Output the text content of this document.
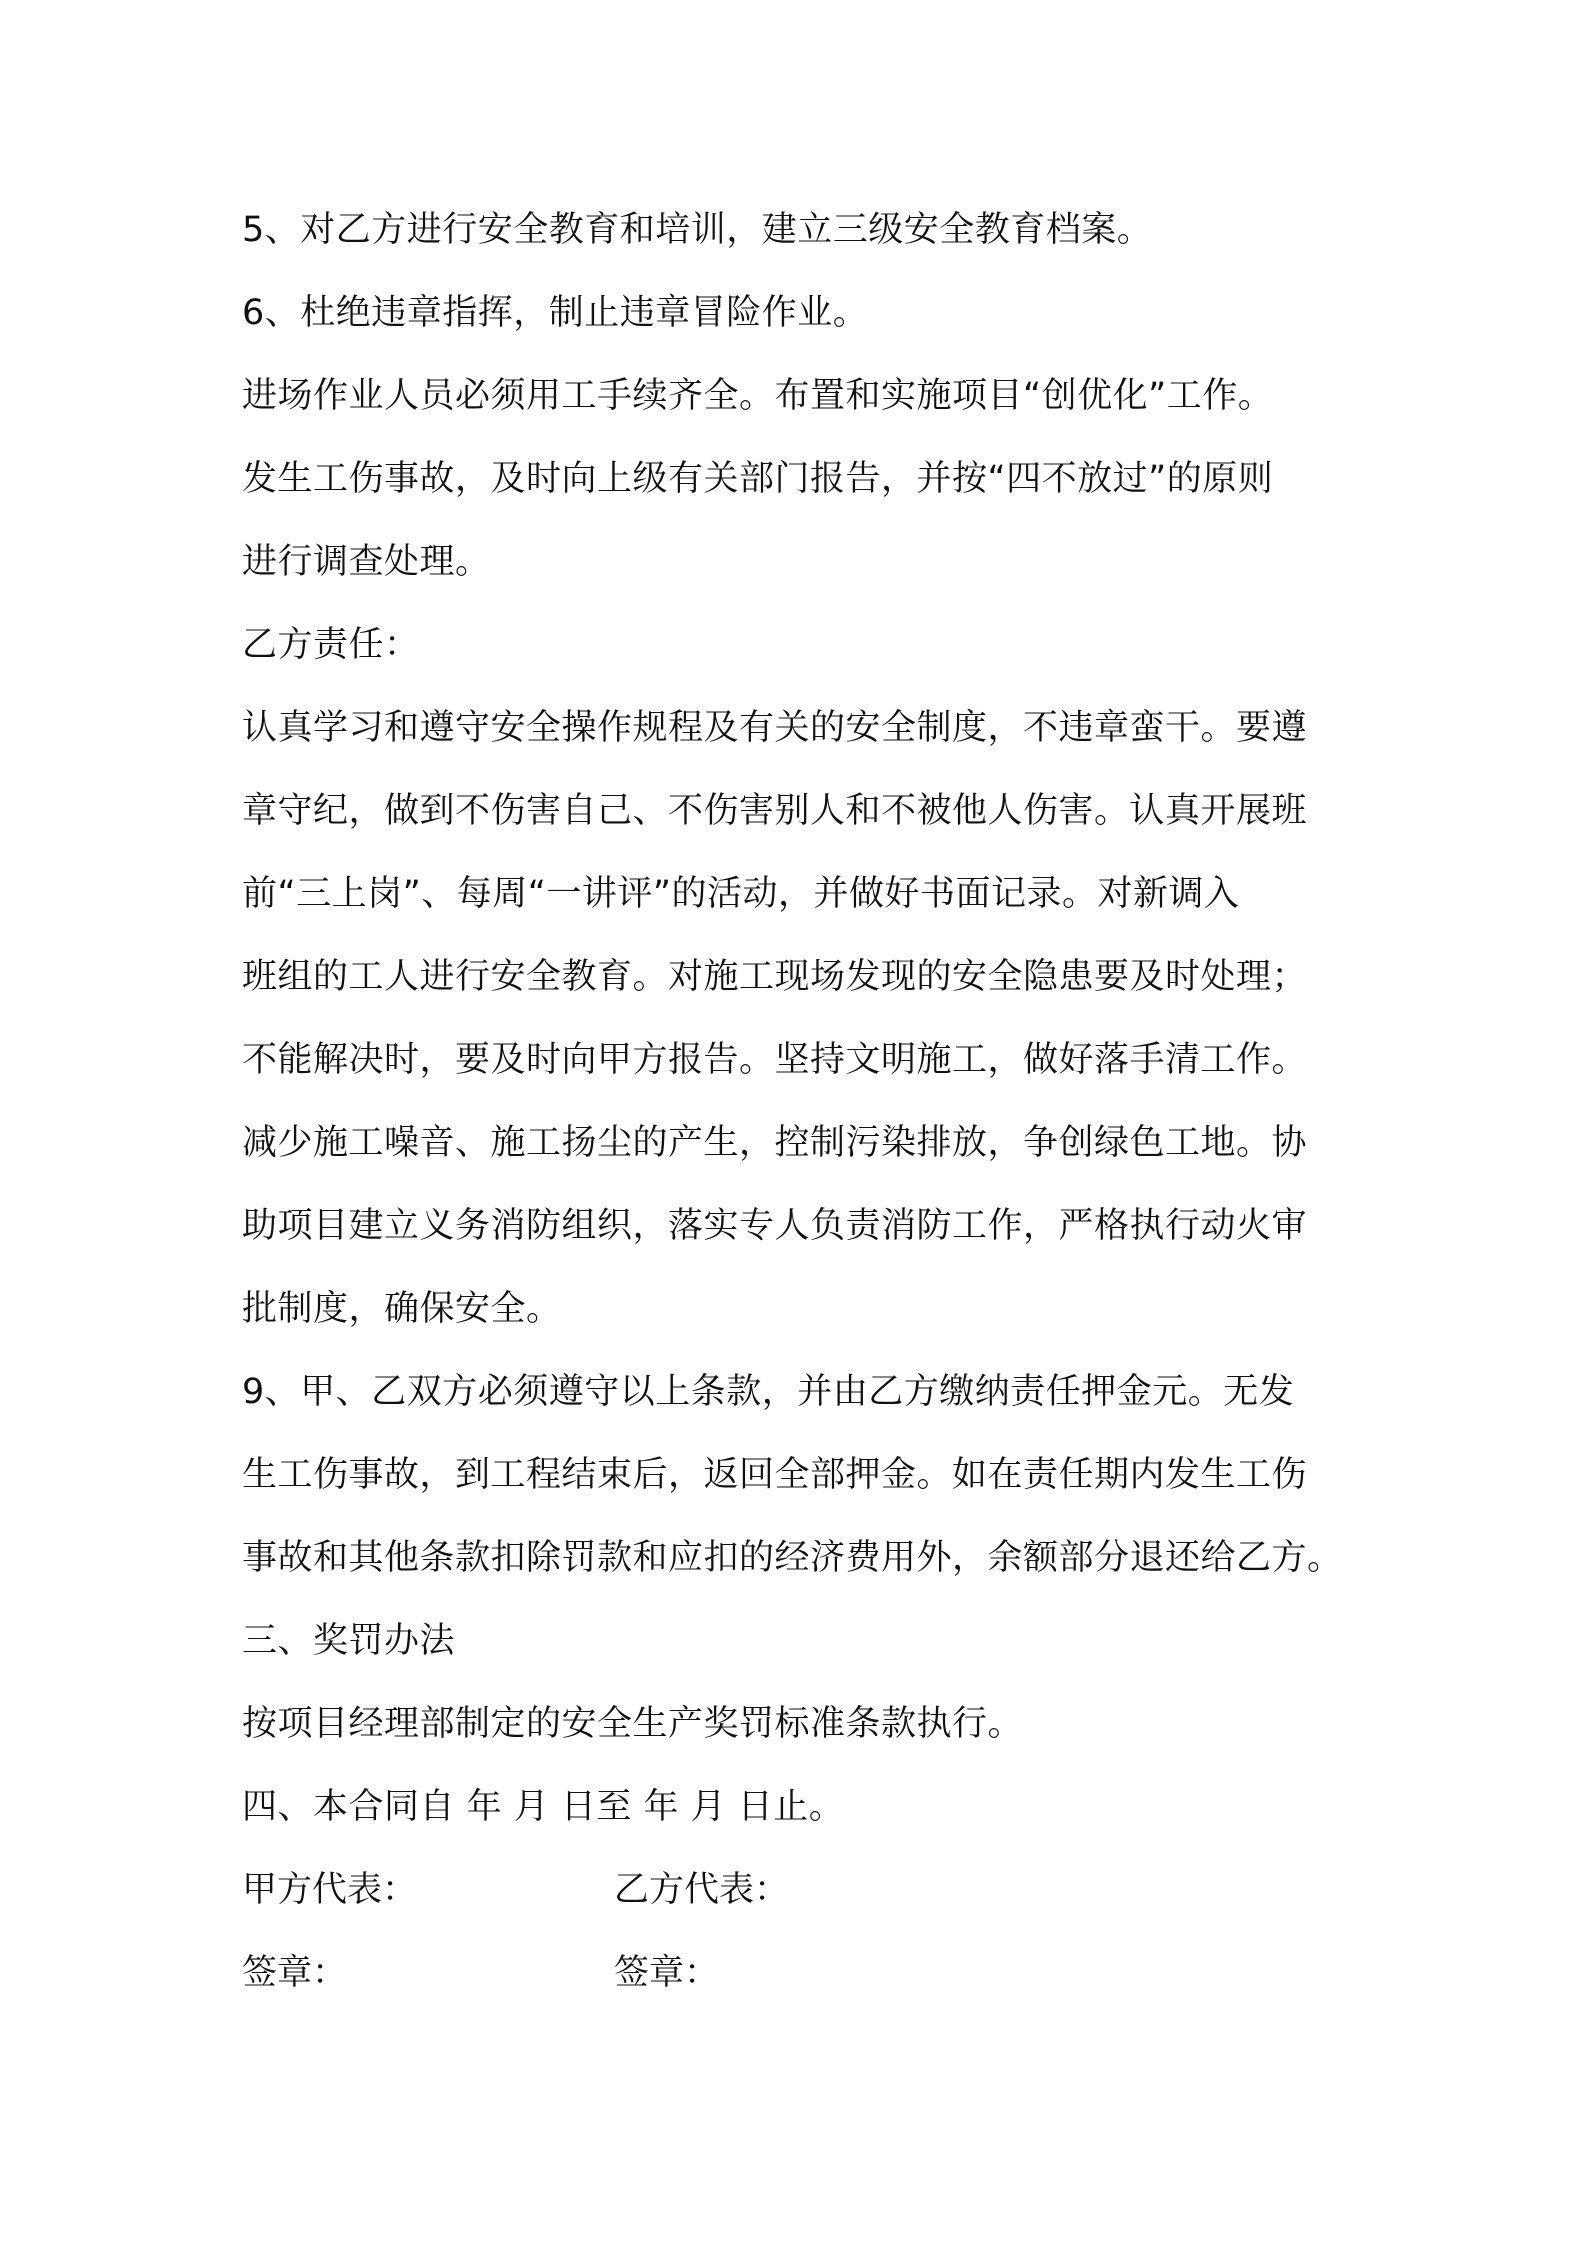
5、对乙方进行安全教育和培训，建立三级安全教育档案。
6、杜绝违章指挥，制止违章冒险作业。
进场作业人员必须用工手续齐全。布置和实施项目“创优化”工作。
发生工伤事故，及时向上级有关部门报告，并按“四不放过”的原则
进行调查处理。
乙方责任：
认真学习和遵守安全操作规程及有关的安全制度，不违章蛮干。要遵
章守纪，做到不伤害自己、不伤害别人和不被他人伤害。认真开展班
前“三上岗”、每周“一讲评”的活动，并做好书面记录。对新调入
班组的工人进行安全教育。对施工现场发现的安全隐患要及时处理；
不能解决时，要及时向甲方报告。坚持文明施工，做好落手清工作。
减少施工噪音、施工扬尘的产生，控制污染排放，争创绿色工地。协
助项目建立义务消防组织，落实专人负责消防工作，严格执行动火审
批制度，确保安全。
9、甲、乙双方必须遵守以上条款，并由乙方缴纳责任押金元。无发
生工伤事故，到工程结束后，返回全部押金。如在责任期内发生工伤
事故和其他条款扣除罚款和应扣的经济费用外，余额部分退还给乙方。
三、奖罚办法
按项目经理部制定的安全生产奖罚标准条款执行。
四、本合同自 年 月 日至 年 月 日止。
甲方代表：	乙方代表：
签章：	签章：
